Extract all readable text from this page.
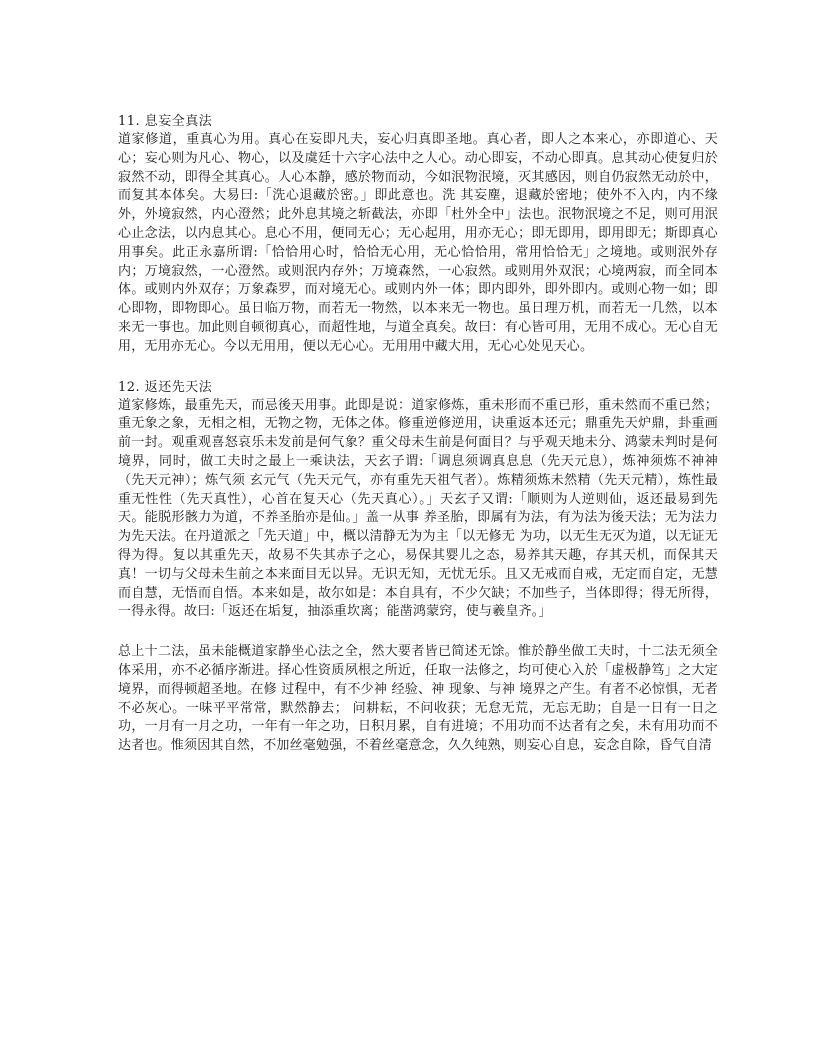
11. 息妄全真法

道家修道，重真心为用。真心在妄即凡夫，妄心归真即圣地。真心者，即人之本来心，亦即道心、天心；妄心则为凡心、物心，以及虞廷十六字心法中之人心。动心即妄，不动心即真。息其动心使复归於寂然不动，即得全其真心。人心本静，感於物而动，今如泯物泯境，灭其感因，则自仍寂然无动於中，而复其本体矣。大易曰:「洗心退藏於密。」即此意也。洗 其妄塵，退藏於密地；使外不入内，内不缘外，外境寂然，内心澄然；此外息其境之斩截法，亦即「杜外全中」法也。泯物泯境之不足，则可用泯心止念法，以内息其心。息心不用，便同无心；无心起用，用亦无心；即无即用，即用即无；斯即真心用事矣。此正永嘉所谓:「恰恰用心时，恰恰无心用，无心恰恰用，常用恰恰无」之境地。或则泯外存内；万境寂然，一心澄然。或则泯内存外；万境森然，一心寂然。或则用外双泯；心境两寂，而全同本体。或则内外双存；万象森罗，而对境无心。或则内外一体；即内即外，即外即内。或则心物一如；即心即物，即物即心。虽日临万物，而若无一物然，以本来无一物也。虽日理万机，而若无一几然，以本来无一事也。加此则自顿彻真心，而超性地，与道全真矣。故曰：有心皆可用，无用不成心。无心自无用，无用亦无心。今以无用用，便以无心心。无用用中藏大用，无心心处见天心。

12. 返还先天法

道家修炼，最重先天，而忌後天用事。此即是说：道家修炼，重未形而不重已形，重未然而不重已然；重无象之象，无相之相，无物之物，无体之体。修重逆修逆用，诀重返本还元；鼎重先天炉鼎，卦重画前一封。观重观喜怒哀乐未发前是何气象？重父母未生前是何面目？与乎观天地未分、鸿蒙未判时是何境界，同时，做工夫时之最上一乘诀法，天玄子谓:「调息须调真息息（先天元息），炼神须炼不神神（先天元神）；炼气须 玄元气（先天元气，亦有重先天祖气者）。炼精须炼未然精（先天元精），炼性最重无性性（先天真性），心首在复天心（先天真心）。」天玄子又谓:「顺则为人逆则仙，返还最易到先天。能脱形骸力为道，不养圣胎亦是仙。」盖一从事 养圣胎，即属有为法，有为法为後天法；无为法力为先天法。在丹道派之「先天道」中，概以清静无为为主「以无修无 为功，以无生无灭为道，以无证无得为得。复以其重先天，故易不失其赤子之心，易保其婴儿之态，易养其天趣，存其天机，而保其天真！一切与父母未生前之本来面目无以异。无识无知，无忧无乐。且又无戒而自戒，无定而自定，无慧而自慧，无悟而自悟。本来如是，故尔如是：本自具有，不少欠缺；不加些子，当体即得；得无所得，一得永得。故曰:「返还在垢复，抽添重坎离；能凿鸿蒙窍，使与羲皇齐。」

总上十二法，虽未能概道家静坐心法之全，然大要者皆已简述无馀。惟於静坐做工夫时，十二法无须全体采用，亦不必循序渐进。择心性资质夙根之所近，任取一法修之，均可使心入於「虚极静笃」之大定境界，而得顿超圣地。在修 过程中，有不少神 经验、神 现象、与神 境界之产生。有者不必惊惧，无者不必灰心。一味平平常常，默然静去； 问耕耘，不问收获；无怠无荒，无忘无助；自是一日有一日之功，一月有一月之功，一年有一年之功，日积月累，自有进境；不用功而不达者有之矣，未有用功而不达者也。惟须因其自然，不加丝毫勉强，不着丝毫意念，久久纯熟，则妄心自息，妄念自除，昏气自清
